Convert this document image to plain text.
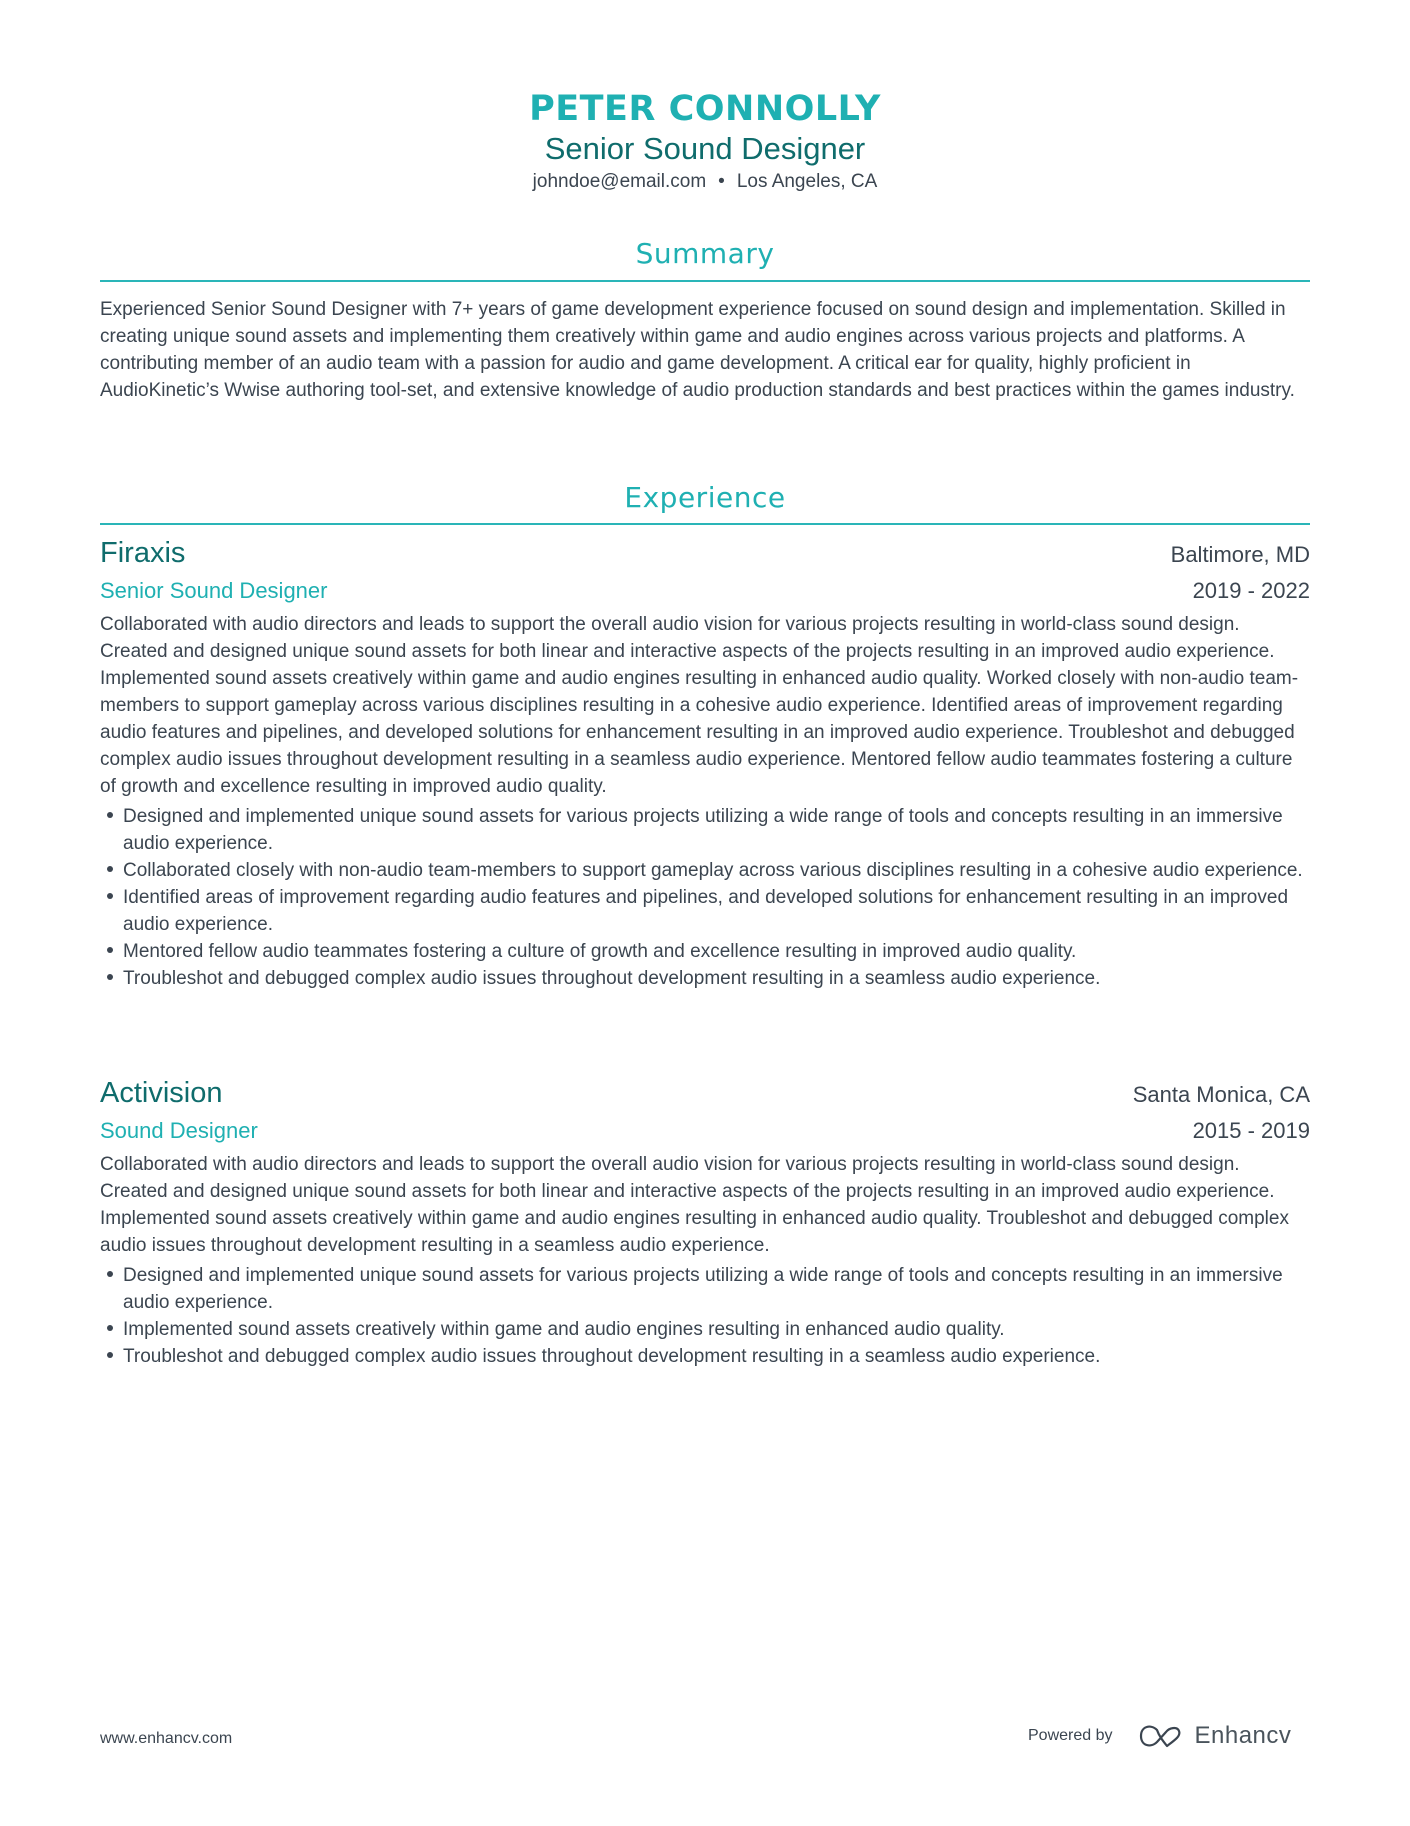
PETER CONNOLLY
Senior Sound Designer
johndoe@email.com • Los Angeles, CA
Summary
Experienced Senior Sound Designer with 7+ years of game development experience focused on sound design and implementation. Skilled in creating unique sound assets and implementing them creatively within game and audio engines across various projects and platforms. A contributing member of an audio team with a passion for audio and game development. A critical ear for quality, highly proficient in AudioKinetic’s Wwise authoring tool-set, and extensive knowledge of audio production standards and best practices within the games industry.
Experience
Firaxis	Baltimore, MD
Senior Sound Designer	2019 - 2022
Collaborated with audio directors and leads to support the overall audio vision for various projects resulting in world-class sound design. Created and designed unique sound assets for both linear and interactive aspects of the projects resulting in an improved audio experience. Implemented sound assets creatively within game and audio engines resulting in enhanced audio quality. Worked closely with non-audio team-members to support gameplay across various disciplines resulting in a cohesive audio experience. Identified areas of improvement regarding audio features and pipelines, and developed solutions for enhancement resulting in an improved audio experience. Troubleshot and debugged complex audio issues throughout development resulting in a seamless audio experience. Mentored fellow audio teammates fostering a culture of growth and excellence resulting in improved audio quality.
Designed and implemented unique sound assets for various projects utilizing a wide range of tools and concepts resulting in an immersive audio experience.
Collaborated closely with non-audio team-members to support gameplay across various disciplines resulting in a cohesive audio experience.
Identified areas of improvement regarding audio features and pipelines, and developed solutions for enhancement resulting in an improved audio experience.
Mentored fellow audio teammates fostering a culture of growth and excellence resulting in improved audio quality.
Troubleshot and debugged complex audio issues throughout development resulting in a seamless audio experience.
Activision	Santa Monica, CA
Sound Designer	2015 - 2019
Collaborated with audio directors and leads to support the overall audio vision for various projects resulting in world-class sound design. Created and designed unique sound assets for both linear and interactive aspects of the projects resulting in an improved audio experience. Implemented sound assets creatively within game and audio engines resulting in enhanced audio quality. Troubleshot and debugged complex audio issues throughout development resulting in a seamless audio experience.
Designed and implemented unique sound assets for various projects utilizing a wide range of tools and concepts resulting in an immersive audio experience.
Implemented sound assets creatively within game and audio engines resulting in enhanced audio quality.
Troubleshot and debugged complex audio issues throughout development resulting in a seamless audio experience.
www.enhancv.com	Powered by	Enhancv
